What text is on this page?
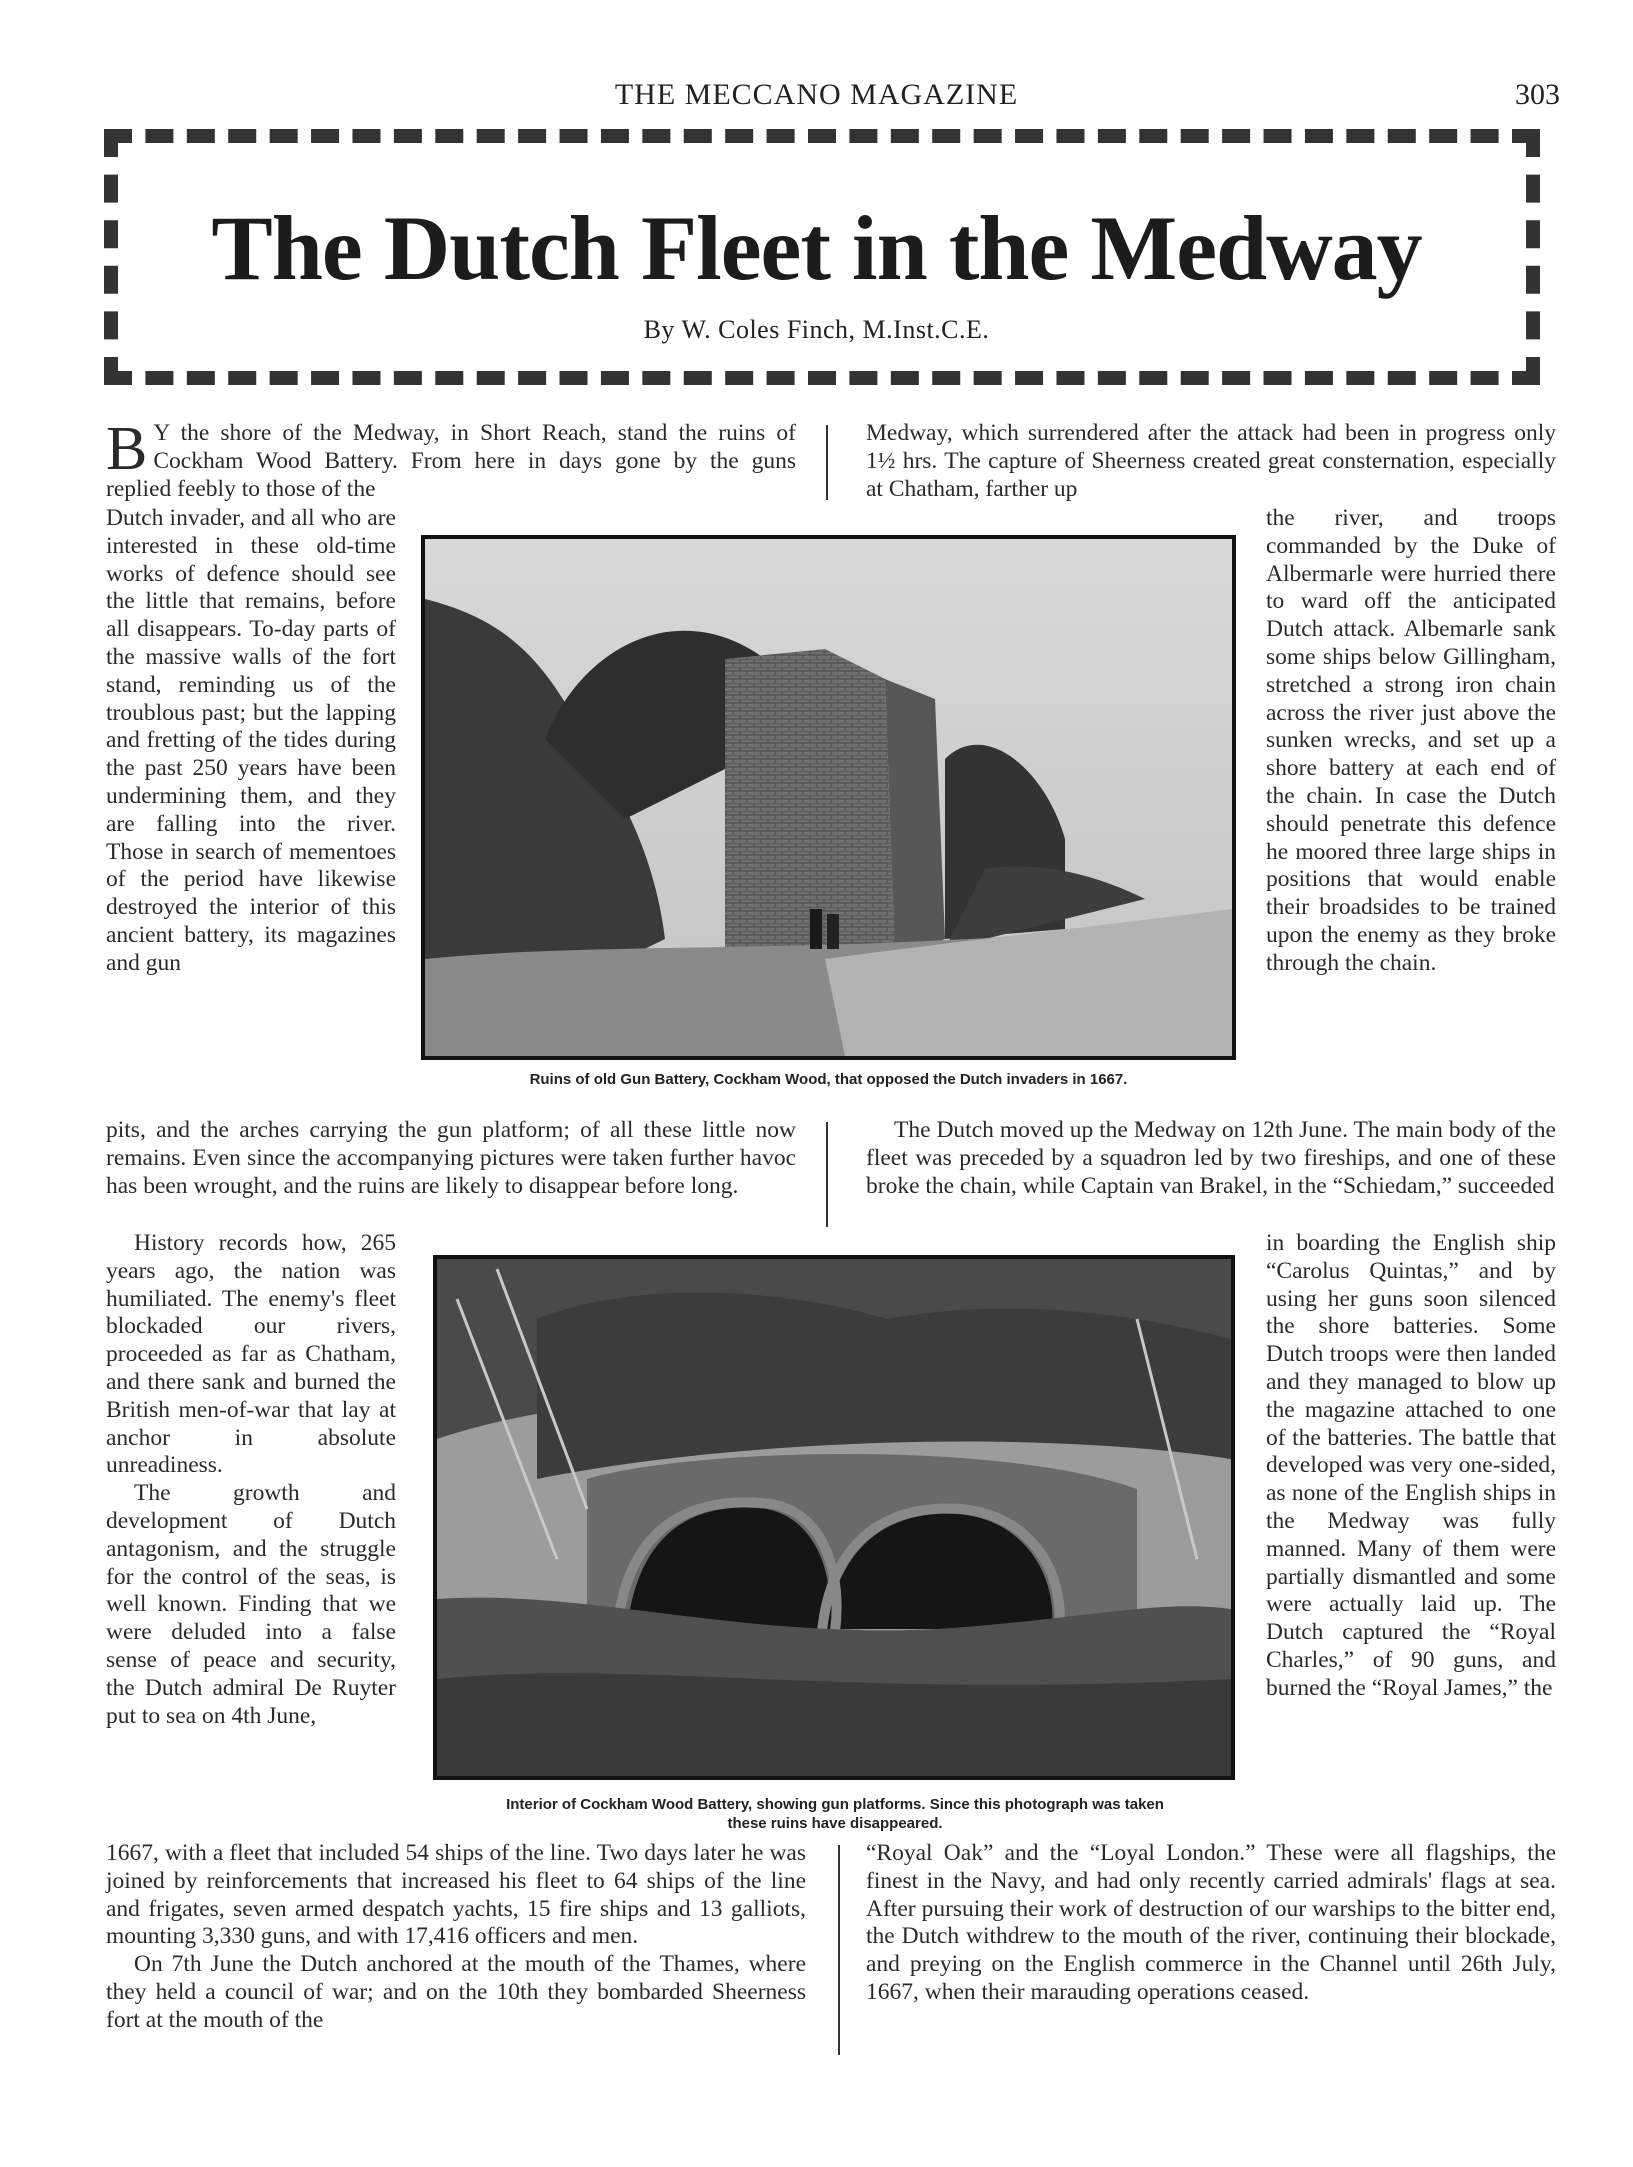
THE MECCANO MAGAZINE	303
The Dutch Fleet in the Medway
By W. Coles Finch, M.Inst.C.E.
B Y the shore of the Medway, in Short Reach, stand the ruins of Cockham Wood Battery. From here in days gone by the guns replied feebly to those of the

Medway, which surrendered after the attack had been in progress only 1½ hrs. The capture of Sheerness created great consternation, especially at Chatham, farther up

Dutch invader, and all who are interested in these old-time works of defence should see the little that remains, before all disappears. To-day parts of the massive walls of the fort stand, reminding us of the troublous past; but the lapping and fretting of the tides during the past 250 years have been undermining them, and they are falling into the river. Those in search of mementoes of the period have likewise destroyed the interior of this ancient battery, its magazines and gun

Ruins of old Gun Battery, Cockham Wood, that opposed the Dutch invaders in 1667.

the river, and troops commanded by the Duke of Albermarle were hurried there to ward off the anticipated Dutch attack. Albemarle sank some ships below Gillingham, stretched a strong iron chain across the river just above the sunken wrecks, and set up a shore battery at each end of the chain. In case the Dutch should penetrate this defence he moored three large ships in positions that would enable their broadsides to be trained upon the enemy as they broke through the chain.

pits, and the arches carrying the gun platform; of all these little now remains. Even since the accompanying pictures were taken further havoc has been wrought, and the ruins are likely to disappear before long.

The Dutch moved up the Medway on 12th June. The main body of the fleet was preceded by a squadron led by two fireships, and one of these broke the chain, while Captain van Brakel, in the “Schiedam,” succeeded

History records how, 265 years ago, the nation was humiliated. The enemy's fleet blockaded our rivers, proceeded as far as Chatham, and there sank and burned the British men-of-war that lay at anchor in absolute unreadiness.

The growth and development of Dutch antagonism, and the struggle for the control of the seas, is well known. Finding that we were deluded into a false sense of peace and security, the Dutch admiral De Ruyter put to sea on 4th June,

Interior of Cockham Wood Battery, showing gun platforms. Since this photograph was taken
these ruins have disappeared.

in boarding the English ship “Carolus Quintas,” and by using her guns soon silenced the shore batteries. Some Dutch troops were then landed and they managed to blow up the magazine attached to one of the batteries. The battle that developed was very one-sided, as none of the English ships in the Medway was fully manned. Many of them were partially dismantled and some were actually laid up. The Dutch captured the “Royal Charles,” of 90 guns, and burned the “Royal James,” the

1667, with a fleet that included 54 ships of the line. Two days later he was joined by reinforcements that increased his fleet to 64 ships of the line and frigates, seven armed despatch yachts, 15 fire ships and 13 galliots, mounting 3,330 guns, and with 17,416 officers and men.

On 7th June the Dutch anchored at the mouth of the Thames, where they held a council of war; and on the 10th they bombarded Sheerness fort at the mouth of the

“Royal Oak” and the “Loyal London.” These were all flagships, the finest in the Navy, and had only recently carried admirals' flags at sea. After pursuing their work of destruction of our warships to the bitter end, the Dutch withdrew to the mouth of the river, continuing their blockade, and preying on the English commerce in the Channel until 26th July, 1667, when their marauding operations ceased.
